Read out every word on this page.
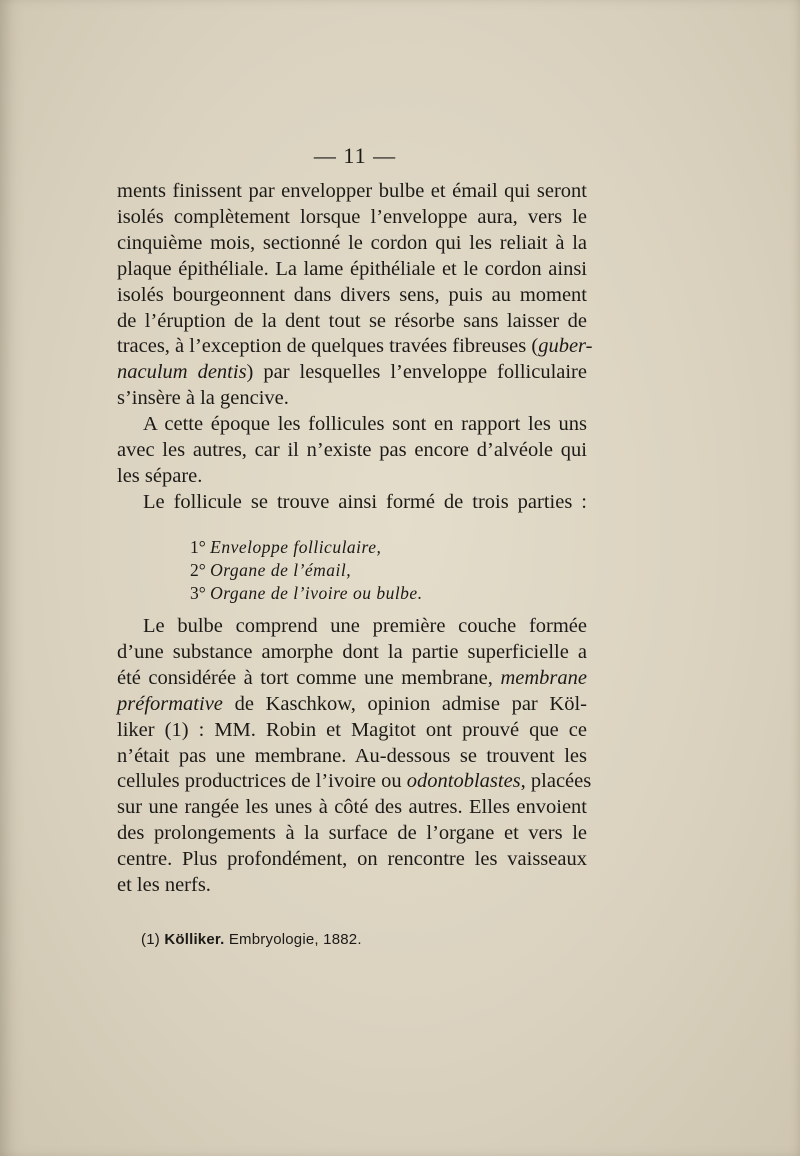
— 11 —
ments finissent par envelopper bulbe et émail qui seront
isolés complètement lorsque l’enveloppe aura, vers le
cinquième mois, sectionné le cordon qui les reliait à la
plaque épithéliale. La lame épithéliale et le cordon ainsi
isolés bourgeonnent dans divers sens, puis au moment
de l’éruption de la dent tout se résorbe sans laisser de
traces, à l’exception de quelques travées fibreuses (guber-
naculum dentis) par lesquelles l’enveloppe folliculaire
s’insère à la gencive.
A cette époque les follicules sont en rapport les uns
avec les autres, car il n’existe pas encore d’alvéole qui
les sépare.
Le follicule se trouve ainsi formé de trois parties :
1° Enveloppe folliculaire,
2° Organe de l’émail,
3° Organe de l’ivoire ou bulbe.
Le bulbe comprend une première couche formée
d’une substance amorphe dont la partie superficielle a
été considérée à tort comme une membrane, membrane
préformative de Kaschkow, opinion admise par Köl-
liker (1) : MM. Robin et Magitot ont prouvé que ce
n’était pas une membrane. Au-dessous se trouvent les
cellules productrices de l’ivoire ou odontoblastes, placées
sur une rangée les unes à côté des autres. Elles envoient
des prolongements à la surface de l’organe et vers le
centre. Plus profondément, on rencontre les vaisseaux
et les nerfs.
(1) Kölliker. Embryologie, 1882.
